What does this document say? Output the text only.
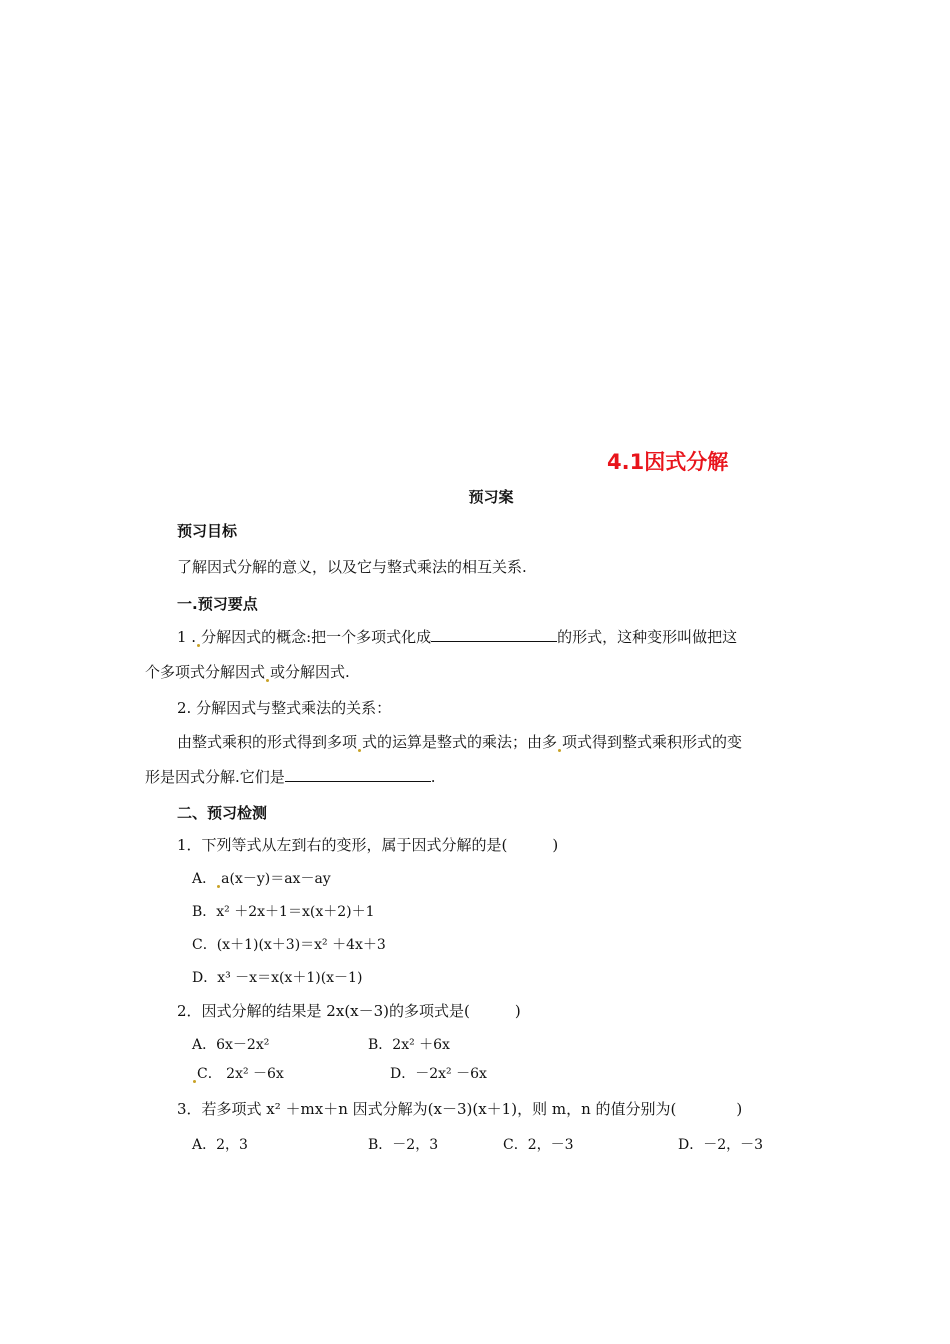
4.1因式分解
预习案
预习目标
了解因式分解的意义，以及它与整式乘法的相互关系.
一.预习要点
1 . 分解因式的概念:把一个多项式化成	的形式，这种变形叫做把这
个多项式分解因式 或分解因式.
2. 分解因式与整式乘法的关系：
由整式乘积的形式得到多项 式的运算是整式的乘法；由多 项式得到整式乘积形式的变
形是因式分解.它们是	.
二、预习检测
1．下列等式从左到右的变形，属于因式分解的是(　　　)
A． a(x－y)＝ax－ay
B．x² ＋2x＋1＝x(x＋2)＋1
C．(x＋1)(x＋3)＝x² ＋4x＋3
D．x³ －x＝x(x＋1)(x－1)
2．因式分解的结果是 2x(x－3)的多项式是(　　　)
A．6x－2x²	B．2x² ＋6x
C． 2x² －6x	D．－2x² －6x
3．若多项式 x² ＋mx＋n 因式分解为(x－3)(x＋1)，则 m，n 的值分别为(　　　　)
A．2，3	B．－2，3	C．2，－3	D．－2，－3
